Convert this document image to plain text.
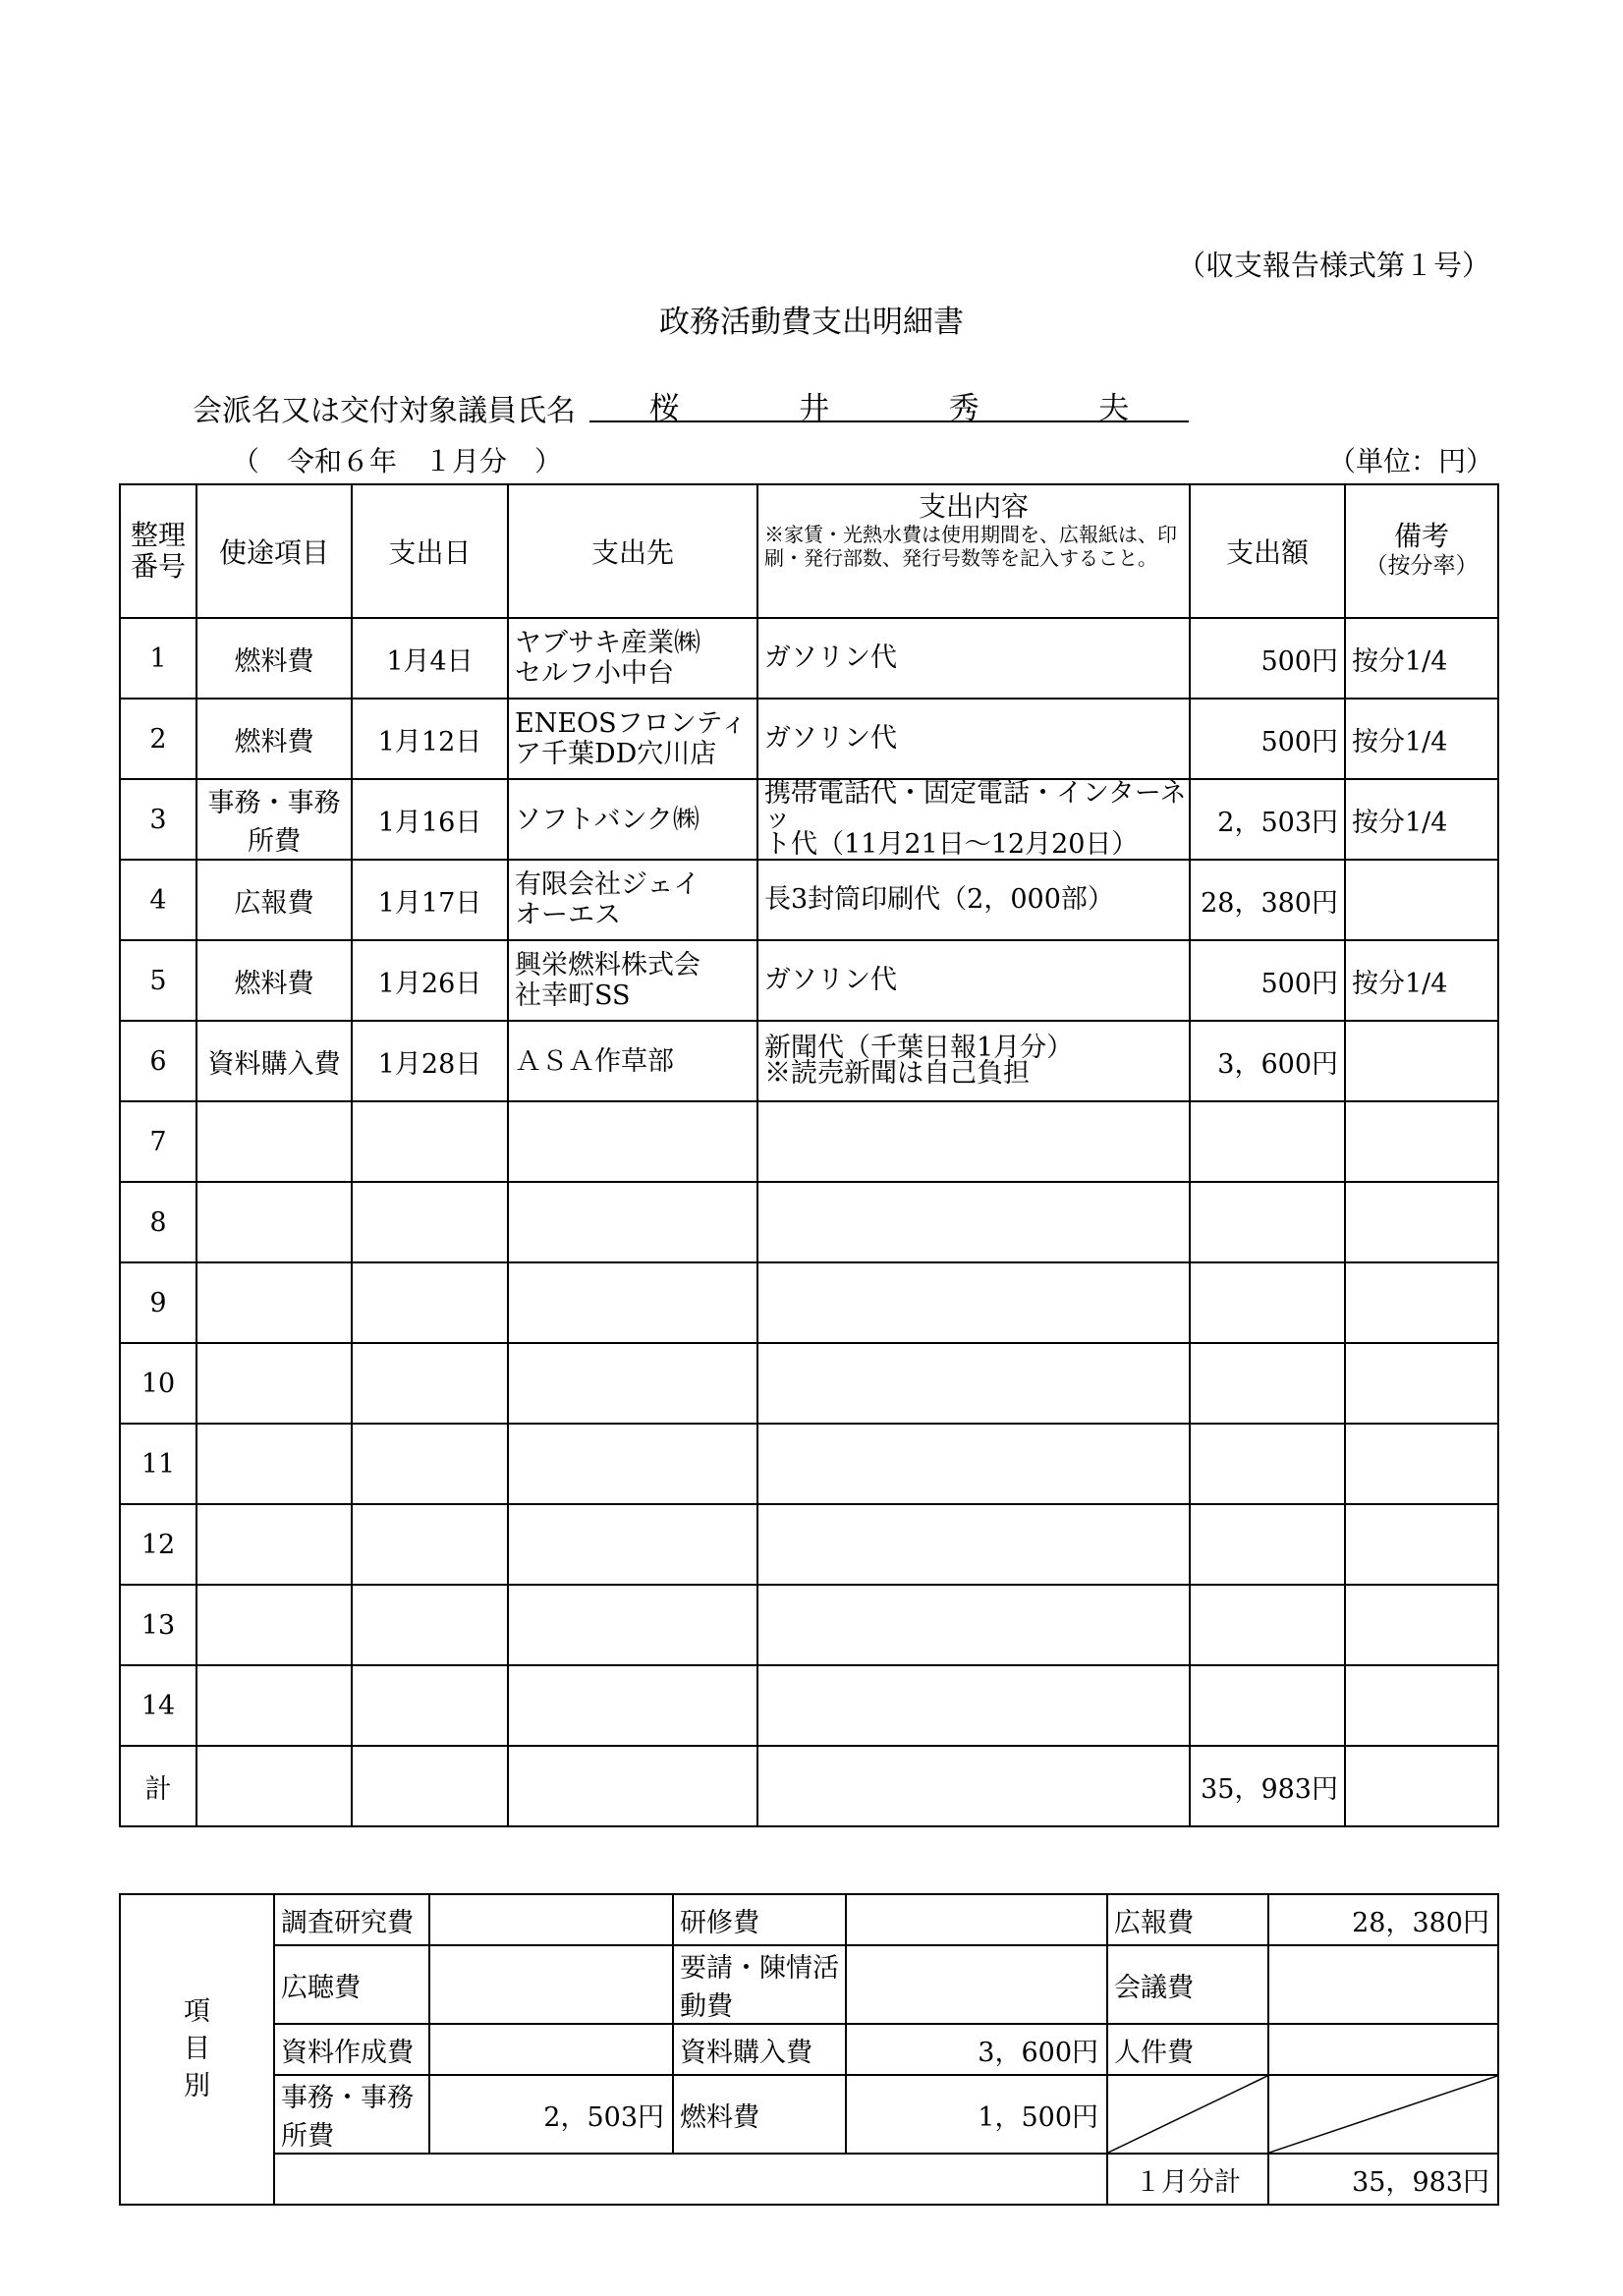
（収支報告様式第１号）
政務活動費支出明細書
会派名又は交付対象議員氏名 桜	井	秀	夫
（　令和６年　１月分　）	（単位：円）
整理
番号	使途項目	支出日	支出先	支出内容
※家賃・光熱水費は使用期間を、広報紙は、印刷・発行部数、発行号数等を記入すること。	支出額	備考
（按分率）

1	燃料費	1月4日	ヤブサキ産業㈱
セルフ小中台	ガソリン代	500円	按分1/4
2	燃料費	1月12日	ENEOSフロンティ
ア千葉DD穴川店	ガソリン代	500円	按分1/4
3	事務・事務所費	1月16日	ソフトバンク㈱	携帯電話代・固定電話・インターネッ
ト代（11月21日～12月20日）	2，503円	按分1/4
4	広報費	1月17日	有限会社ジェイ
オーエス	長3封筒印刷代（2，000部）	28，380円	
5	燃料費	1月26日	興栄燃料株式会
社幸町SS	ガソリン代	500円	按分1/4
6	資料購入費	1月28日	ＡＳＡ作草部	新聞代（千葉日報1月分）
※読売新聞は自己負担	3，600円	
7						
8						
9						
10						
11						
12						
13						
14						
計					35，983円	
項
目
別	調査研究費		研修費		広報費	28，380円
	広聴費		要請・陳情活動費		会議費	
	資料作成費		資料購入費	3，600円	人件費	
	事務・事務所費	2，503円	燃料費	1，500円	

					１月分計	35，983円
